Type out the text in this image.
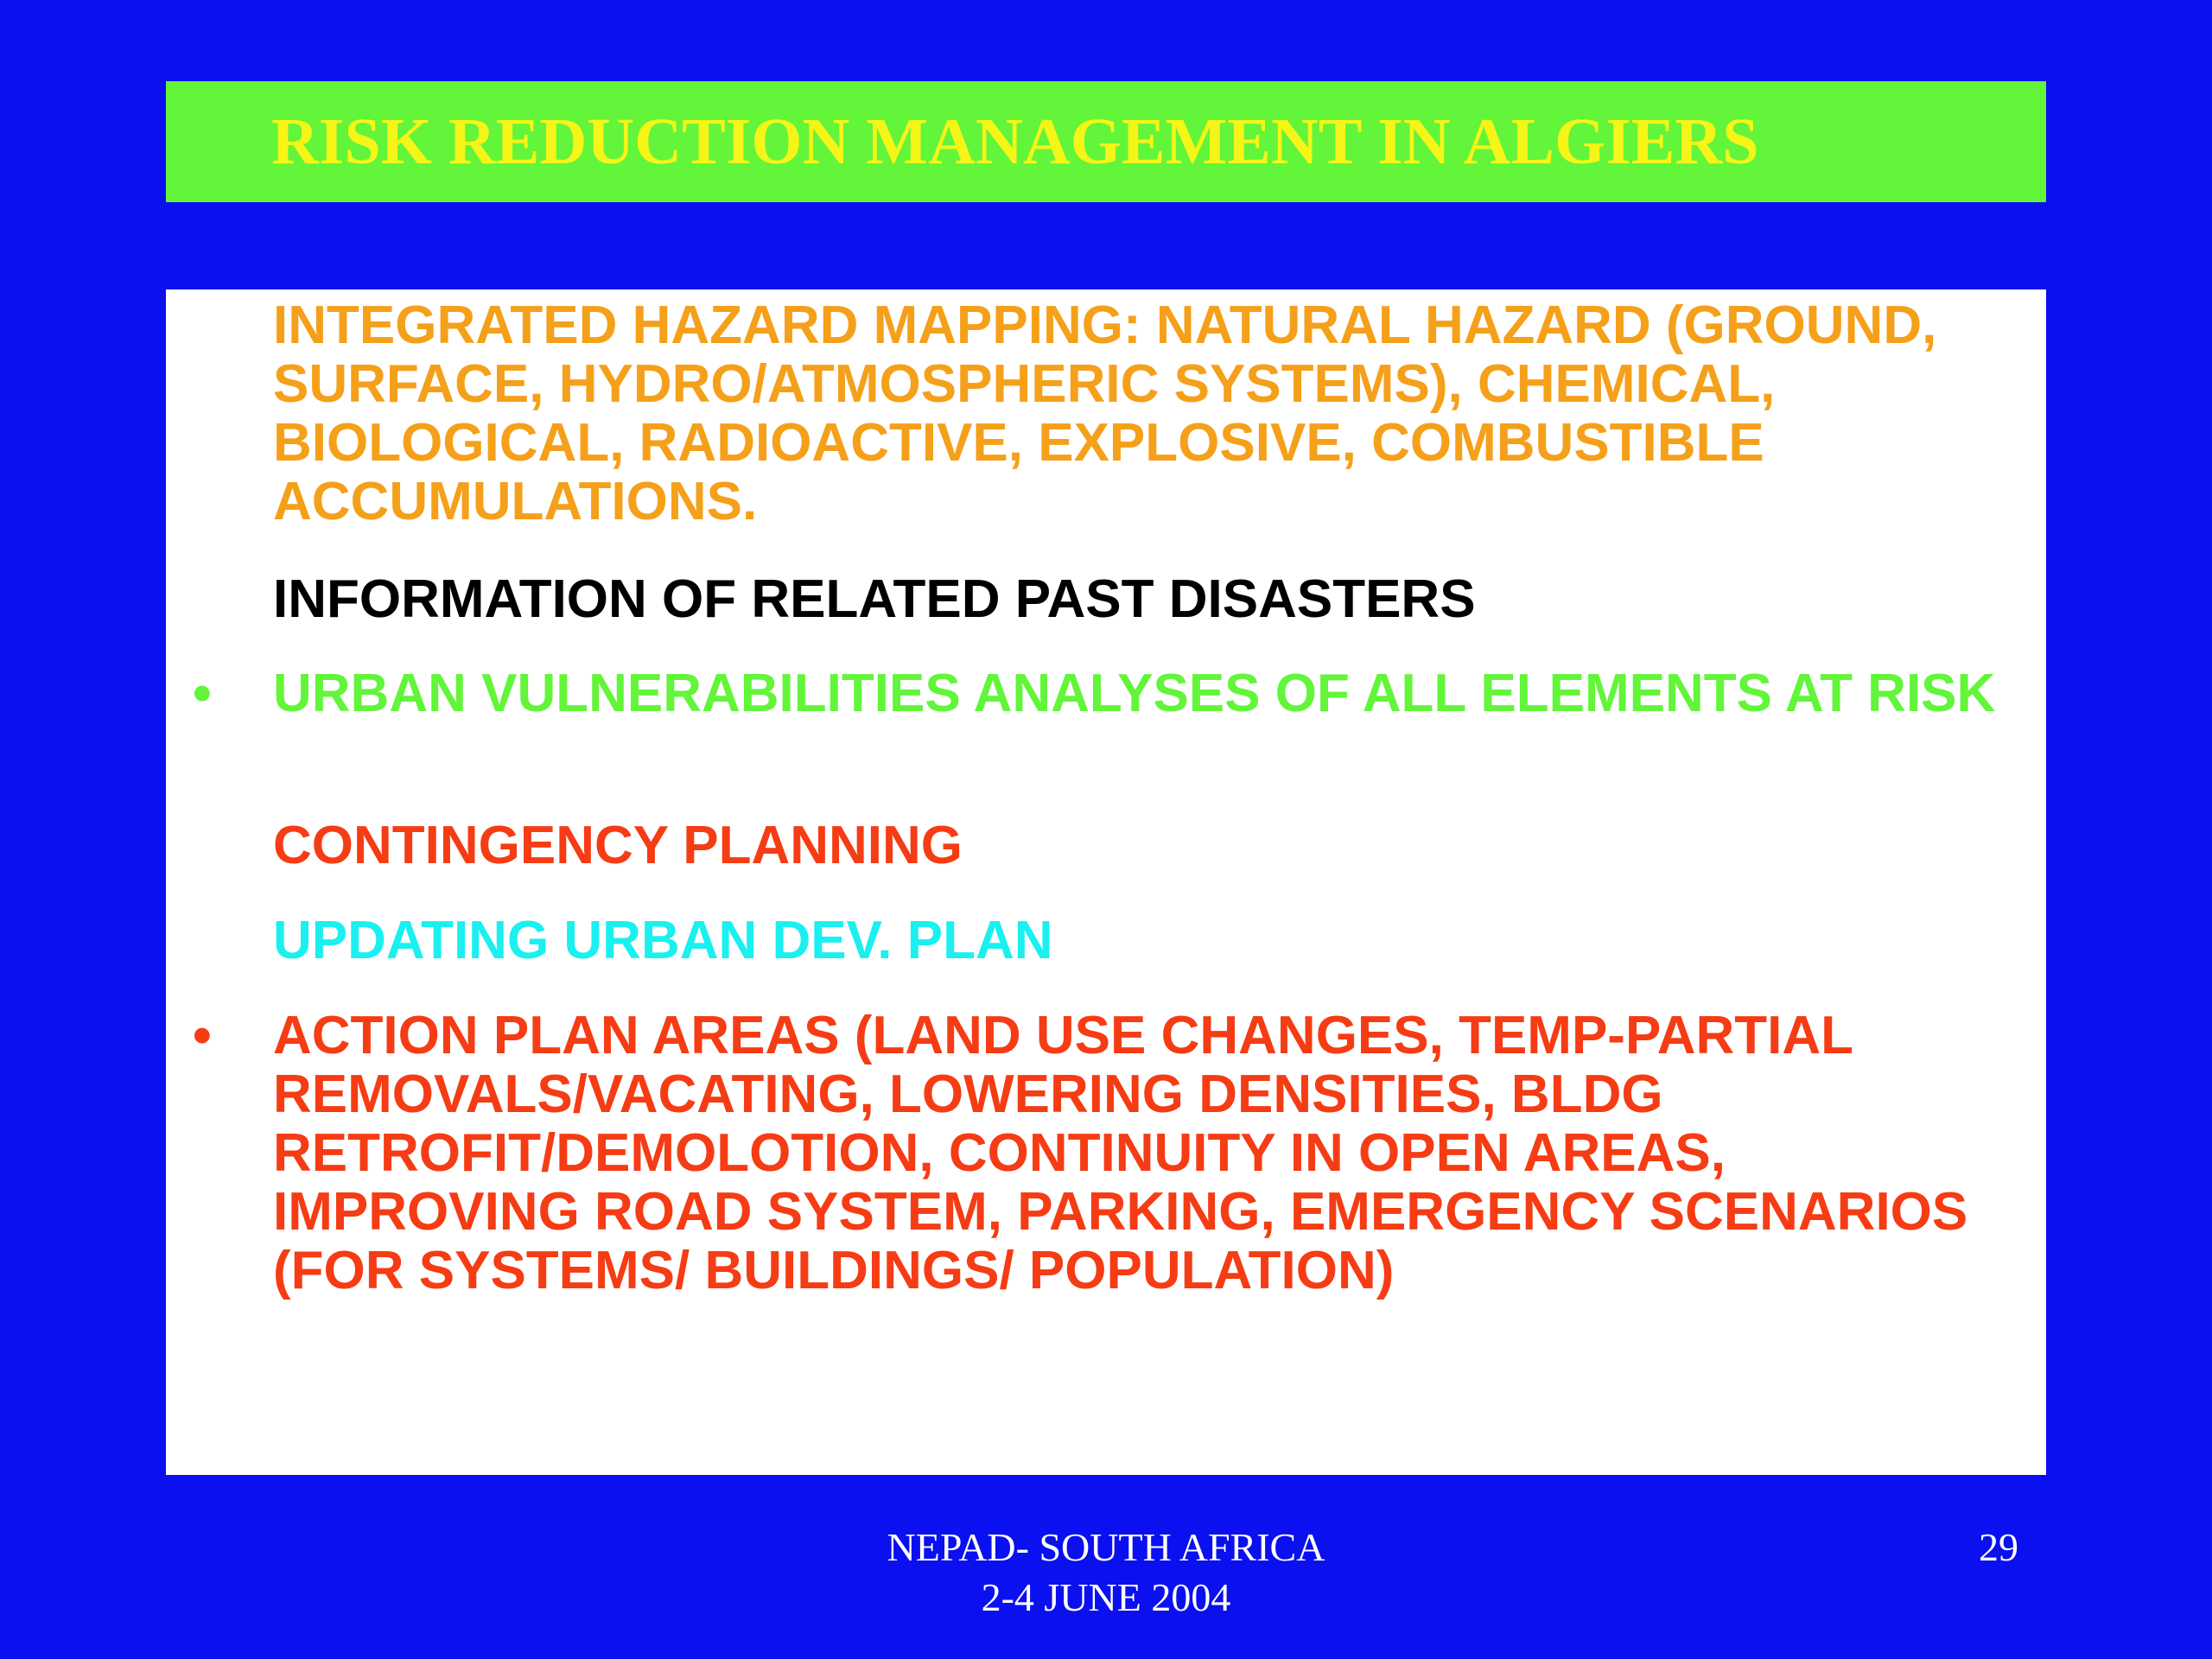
RISK REDUCTION MANAGEMENT IN ALGIERS
INTEGRATED HAZARD MAPPING: NATURAL HAZARD (GROUND, SURFACE, HYDRO/ATMOSPHERIC SYSTEMS), CHEMICAL, BIOLOGICAL, RADIOACTIVE, EXPLOSIVE, COMBUSTIBLE ACCUMULATIONS.
INFORMATION OF RELATED PAST DISASTERS
• URBAN VULNERABILITIES ANALYSES OF ALL ELEMENTS AT RISK
CONTINGENCY PLANNING
UPDATING URBAN DEV. PLAN
• ACTION PLAN AREAS (LAND USE CHANGES, TEMP-PARTIAL REMOVALS/VACATING, LOWERING DENSITIES, BLDG RETROFIT/DEMOLOTION, CONTINUITY IN OPEN AREAS, IMPROVING ROAD SYSTEM, PARKING, EMERGENCY SCENARIOS (FOR SYSTEMS/ BUILDINGS/ POPULATION)
NEPAD- SOUTH AFRICA
2-4 JUNE 2004
29
